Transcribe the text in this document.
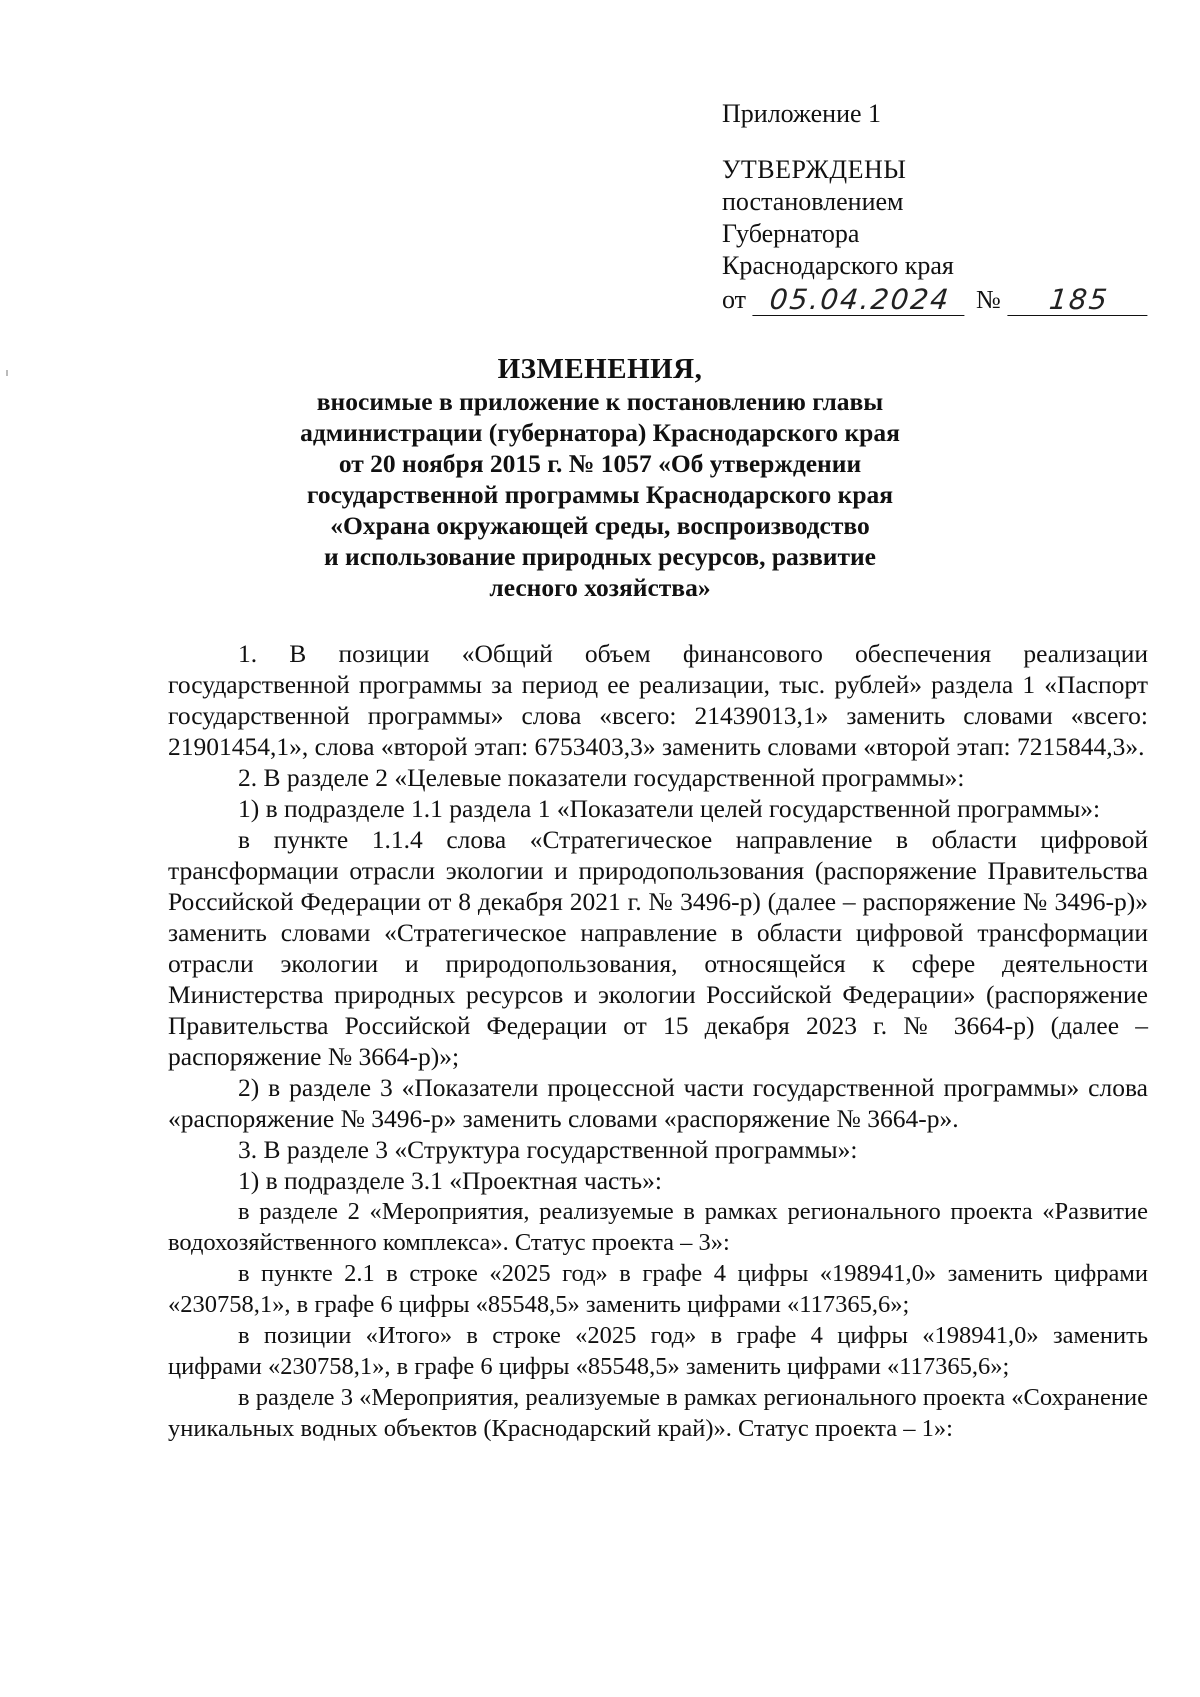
Приложение 1
УТВЕРЖДЕНЫ
постановлением
Губернатора
Краснодарского края
от 05.04.2024 №	185
ИЗМЕНЕНИЯ,
вносимые в приложение к постановлению главы
администрации (губернатора) Краснодарского края
от 20 ноября 2015 г. № 1057 «Об утверждении
государственной программы Краснодарского края
«Охрана окружающей среды, воспроизводство
и использование природных ресурсов, развитие
лесного хозяйства»

1. В позиции «Общий объем финансового обеспечения реализации государственной программы за период ее реализации, тыс. рублей» раздела 1 «Паспорт государственной программы» слова «всего: 21439013,1» заменить словами «всего: 21901454,1», слова «второй этап: 6753403,3» заменить словами «второй этап: 7215844,3».

2. В разделе 2 «Целевые показатели государственной программы»:

1) в подразделе 1.1 раздела 1 «Показатели целей государственной программы»:

в пункте 1.1.4 слова «Стратегическое направление в области цифровой трансформации отрасли экологии и природопользования (распоряжение Правительства Российской Федерации от 8 декабря 2021 г. № 3496-р) (далее – распоряжение № 3496-р)» заменить словами «Стратегическое направление в области цифровой трансформации отрасли экологии и природопользования, относящейся к сфере деятельности Министерства природных ресурсов и экологии Российской Федерации» (распоряжение Правительства Российской Федерации от 15 декабря 2023 г. № 3664-р) (далее – распоряжение № 3664-р)»;

2) в разделе 3 «Показатели процессной части государственной программы» слова «распоряжение № 3496-р» заменить словами «распоряжение № 3664-р».

3. В разделе 3 «Структура государственной программы»:

1) в подразделе 3.1 «Проектная часть»:

в разделе 2 «Мероприятия, реализуемые в рамках регионального проекта «Развитие водохозяйственного комплекса». Статус проекта – 3»:

в пункте 2.1 в строке «2025 год» в графе 4 цифры «198941,0» заменить цифрами «230758,1», в графе 6 цифры «85548,5» заменить цифрами «117365,6»;

в позиции «Итого» в строке «2025 год» в графе 4 цифры «198941,0» заменить цифрами «230758,1», в графе 6 цифры «85548,5» заменить цифрами «117365,6»;

в разделе 3 «Мероприятия, реализуемые в рамках регионального проекта «Сохранение уникальных водных объектов (Краснодарский край)». Статус проекта – 1»:
